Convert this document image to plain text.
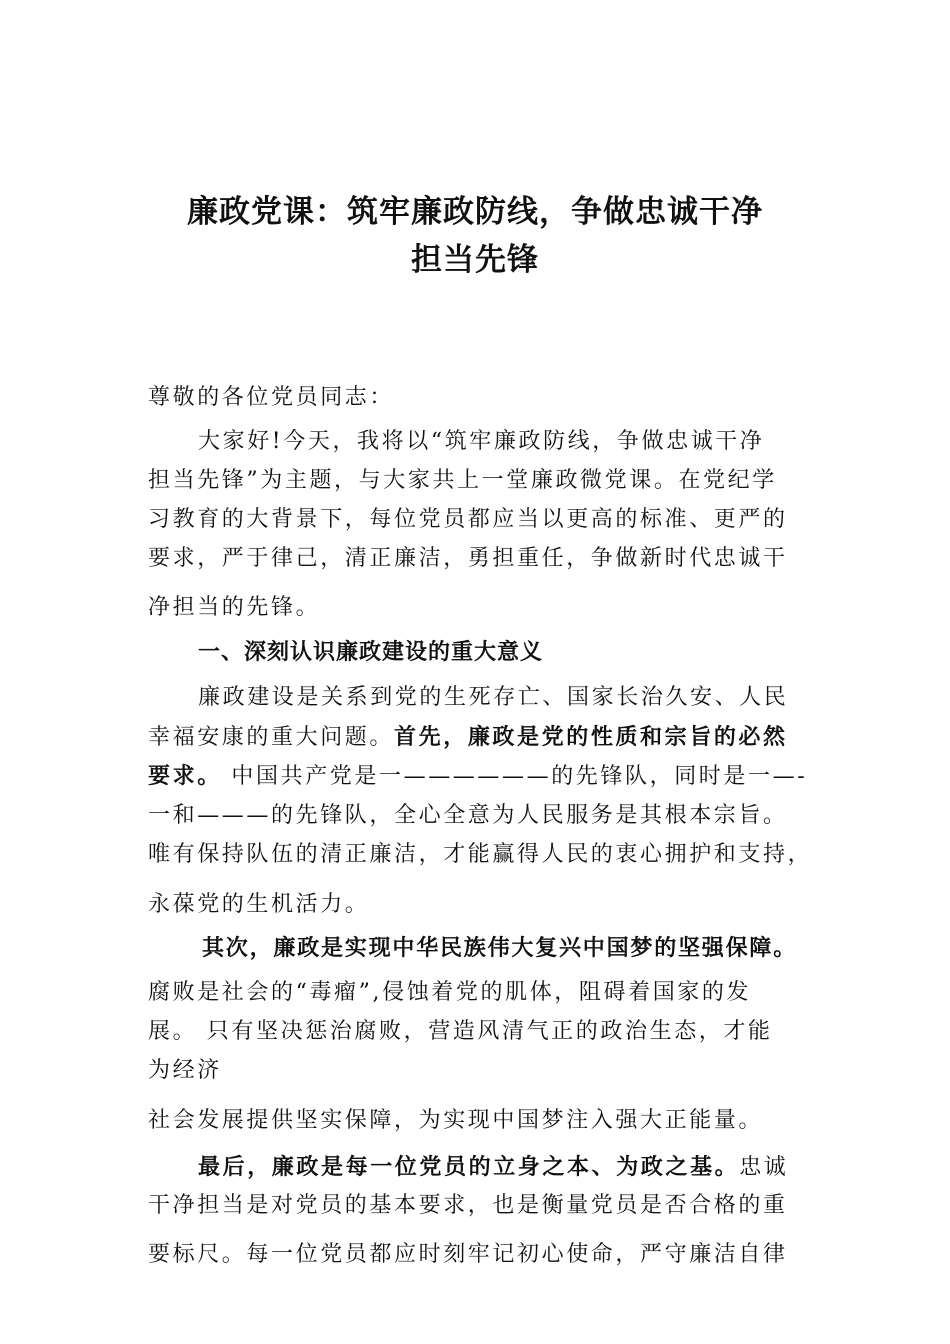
廉政党课：筑牢廉政防线，争做忠诚干净
担当先锋
尊敬的各位党员同志：
大家好!今天，我将以“筑牢廉政防线，争做忠诚干净
担当先锋”为主题，与大家共上一堂廉政微党课。在党纪学
习教育的大背景下，每位党员都应当以更高的标准、更严的
要求，严于律己，清正廉洁，勇担重任，争做新时代忠诚干
净担当的先锋。
一、深刻认识廉政建设的重大意义
廉政建设是关系到党的生死存亡、国家长治久安、人民
幸福安康的重大问题。首先，廉政是党的性质和宗旨的必然
要求。 中国共产党是一——————的先锋队，同时是一—-
一和———的先锋队，全心全意为人民服务是其根本宗旨。
唯有保持队伍的清正廉洁，才能赢得人民的衷心拥护和支持，
永葆党的生机活力。
其次，廉政是实现中华民族伟大复兴中国梦的坚强保障。
腐败是社会的“毒瘤”,侵蚀着党的肌体，阻碍着国家的发
展。 只有坚决惩治腐败，营造风清气正的政治生态，才能
为经济
社会发展提供坚实保障，为实现中国梦注入强大正能量。
最后，廉政是每一位党员的立身之本、为政之基。忠诚
干净担当是对党员的基本要求，也是衡量党员是否合格的重
要标尺。每一位党员都应时刻牢记初心使命，严守廉洁自律
